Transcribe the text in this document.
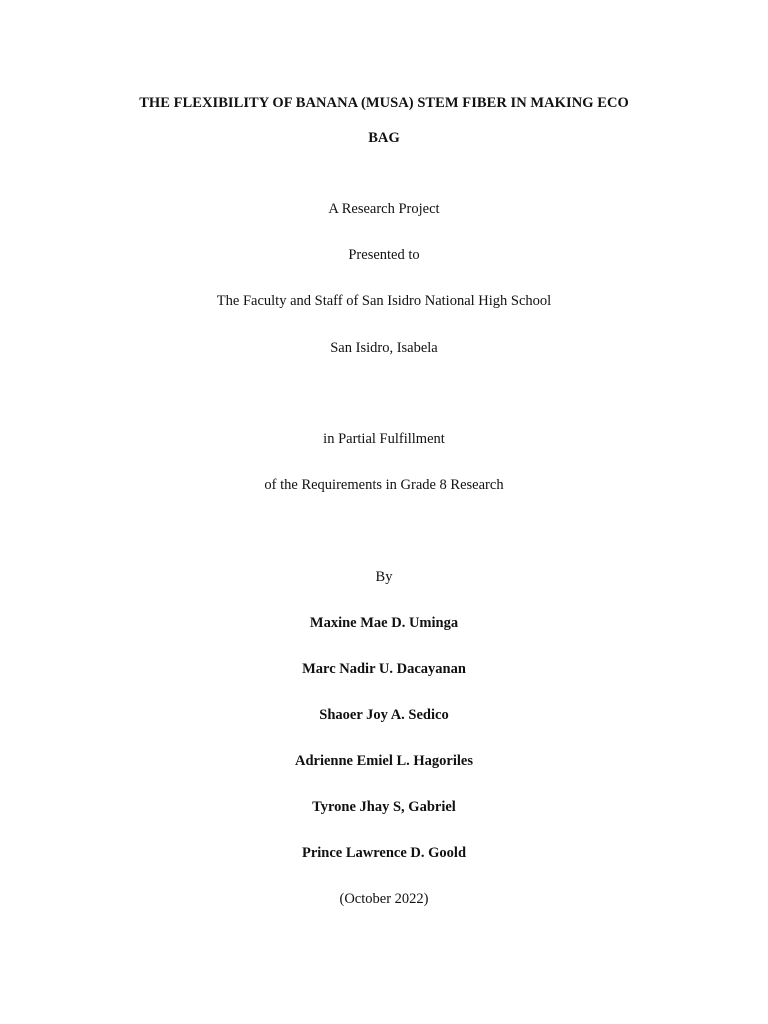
THE FLEXIBILITY OF BANANA (MUSA) STEM FIBER IN MAKING ECO
BAG
A Research Project
Presented to
The Faculty and Staff of San Isidro National High School
San Isidro, Isabela
in Partial Fulfillment
of the Requirements in Grade 8 Research
By
Maxine Mae D. Uminga
Marc Nadir U. Dacayanan
Shaoer Joy A. Sedico
Adrienne Emiel L. Hagoriles
Tyrone Jhay S, Gabriel
Prince Lawrence D. Goold
(October 2022)
